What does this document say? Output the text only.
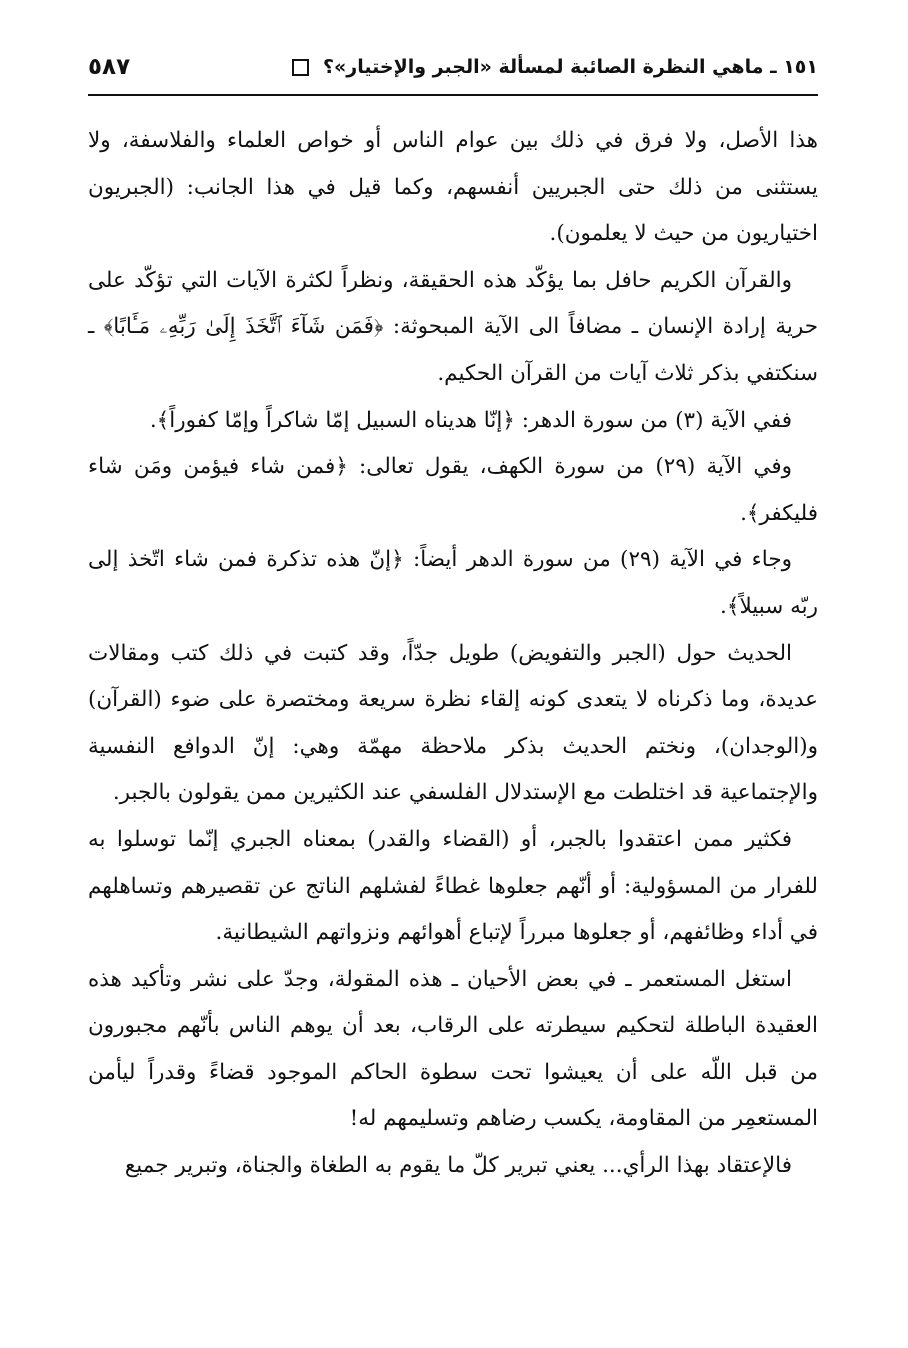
١٥١ ـ ماهي النظرة الصائبة لمسألة «الجبر والإختيار»؟
٥٨٧

هذا الأصل، ولا فرق في ذلك بين عوام الناس أو خواص العلماء والفلاسفة، ولا يستثنى من ذلك حتى الجبريين أنفسهم، وكما قيل في هذا الجانب: (الجبريون اختياريون من حيث لا يعلمون).

والقرآن الكريم حافل بما يؤكّد هذه الحقيقة، ونظراً لكثرة الآيات التي تؤكّد على حرية إرادة الإنسان ـ مضافاً الى الآية المبحوثة: ﴿فَمَن شَآءَ ٱتَّخَذَ إِلَىٰ رَبِّهِۦ مَـَٔابًا﴾ ـ سنكتفي بذكر ثلاث آيات من القرآن الحكيم.

ففي الآية (٣) من سورة الدهر: ﴿إنّا هديناه السبيل إمّا شاكراً وإمّا كفوراً﴾.

وفي الآية (٢٩) من سورة الكهف، يقول تعالى: ﴿فمن شاء فيؤمن ومَن شاء فليكفر﴾.

وجاء في الآية (٢٩) من سورة الدهر أيضاً: ﴿إنّ هذه تذكرة فمن شاء اتّخذ إلى ربّه سبيلاً﴾.

الحديث حول (الجبر والتفويض) طويل جدّاً، وقد كتبت في ذلك كتب ومقالات عديدة، وما ذكرناه لا يتعدى كونه إلقاء نظرة سريعة ومختصرة على ضوء (القرآن) و(الوجدان)، ونختم الحديث بذكر ملاحظة مهمّة وهي: إنّ الدوافع النفسية والإجتماعية قد اختلطت مع الإستدلال الفلسفي عند الكثيرين ممن يقولون بالجبر.

فكثير ممن اعتقدوا بالجبر، أو (القضاء والقدر) بمعناه الجبري إنّما توسلوا به للفرار من المسؤولية: أو أنّهم جعلوها غطاءً لفشلهم الناتج عن تقصيرهم وتساهلهم في أداء وظائفهم، أو جعلوها مبرراً لإتباع أهوائهم ونزواتهم الشيطانية.

استغل المستعمر ـ في بعض الأحيان ـ هذه المقولة، وجدّ على نشر وتأكيد هذه العقيدة الباطلة لتحكيم سيطرته على الرقاب، بعد أن يوهم الناس بأنّهم مجبورون من قبل اللّه على أن يعيشوا تحت سطوة الحاكم الموجود قضاءً وقدراً ليأمن المستعمِر من المقاومة، يكسب رضاهم وتسليمهم له!

فالإعتقاد بهذا الرأي... يعني تبرير كلّ ما يقوم به الطغاة والجناة، وتبرير جميع
